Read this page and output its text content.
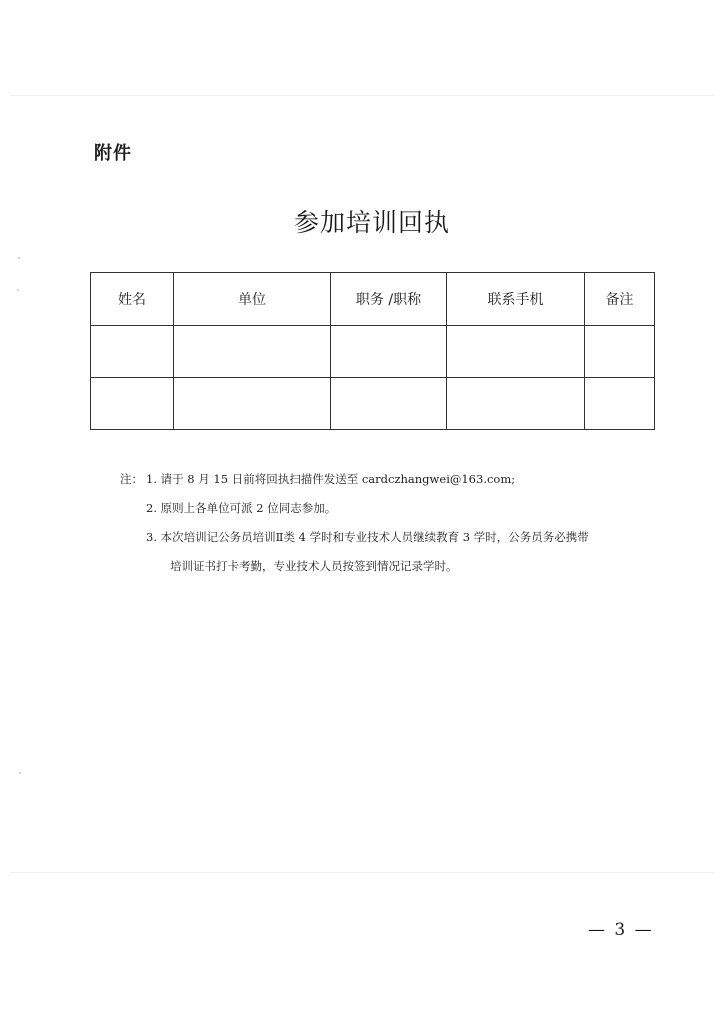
附件
参加培训回执
姓名	单位	职务 /职称	联系手机	备注

注： 1. 请于 8 月 15 日前将回执扫描件发送至 cardczhangwei@163.com;
2. 原则上各单位可派 2 位同志参加。
3. 本次培训记公务员培训Ⅱ类 4 学时和专业技术人员继续教育 3 学时，公务员务必携带
培训证书打卡考勤，专业技术人员按签到情况记录学时。
— 3 —
